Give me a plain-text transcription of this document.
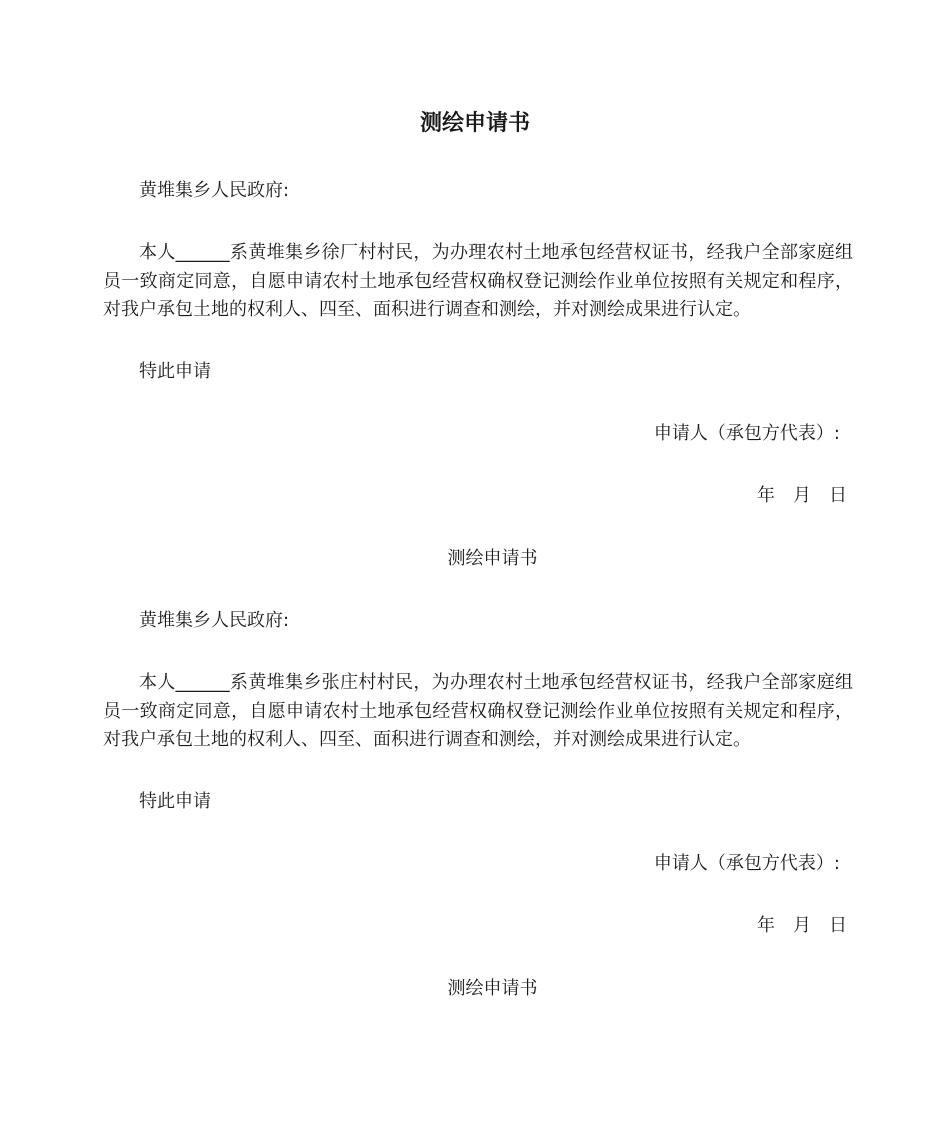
测绘申请书

黄堆集乡人民政府:

本人______系黄堆集乡徐厂村村民，为办理农村土地承包经营权证书，经我户全部家庭组员一致商定同意，自愿申请农村土地承包经营权确权登记测绘作业单位按照有关规定和程序，对我户承包土地的权利人、四至、面积进行调查和测绘，并对测绘成果进行认定。

特此申请

申请人（承包方代表）:

年 月 日

测绘申请书

黄堆集乡人民政府:

本人______系黄堆集乡张庄村村民，为办理农村土地承包经营权证书，经我户全部家庭组员一致商定同意，自愿申请农村土地承包经营权确权登记测绘作业单位按照有关规定和程序，对我户承包土地的权利人、四至、面积进行调查和测绘，并对测绘成果进行认定。

特此申请

申请人（承包方代表）:

年 月 日

测绘申请书
